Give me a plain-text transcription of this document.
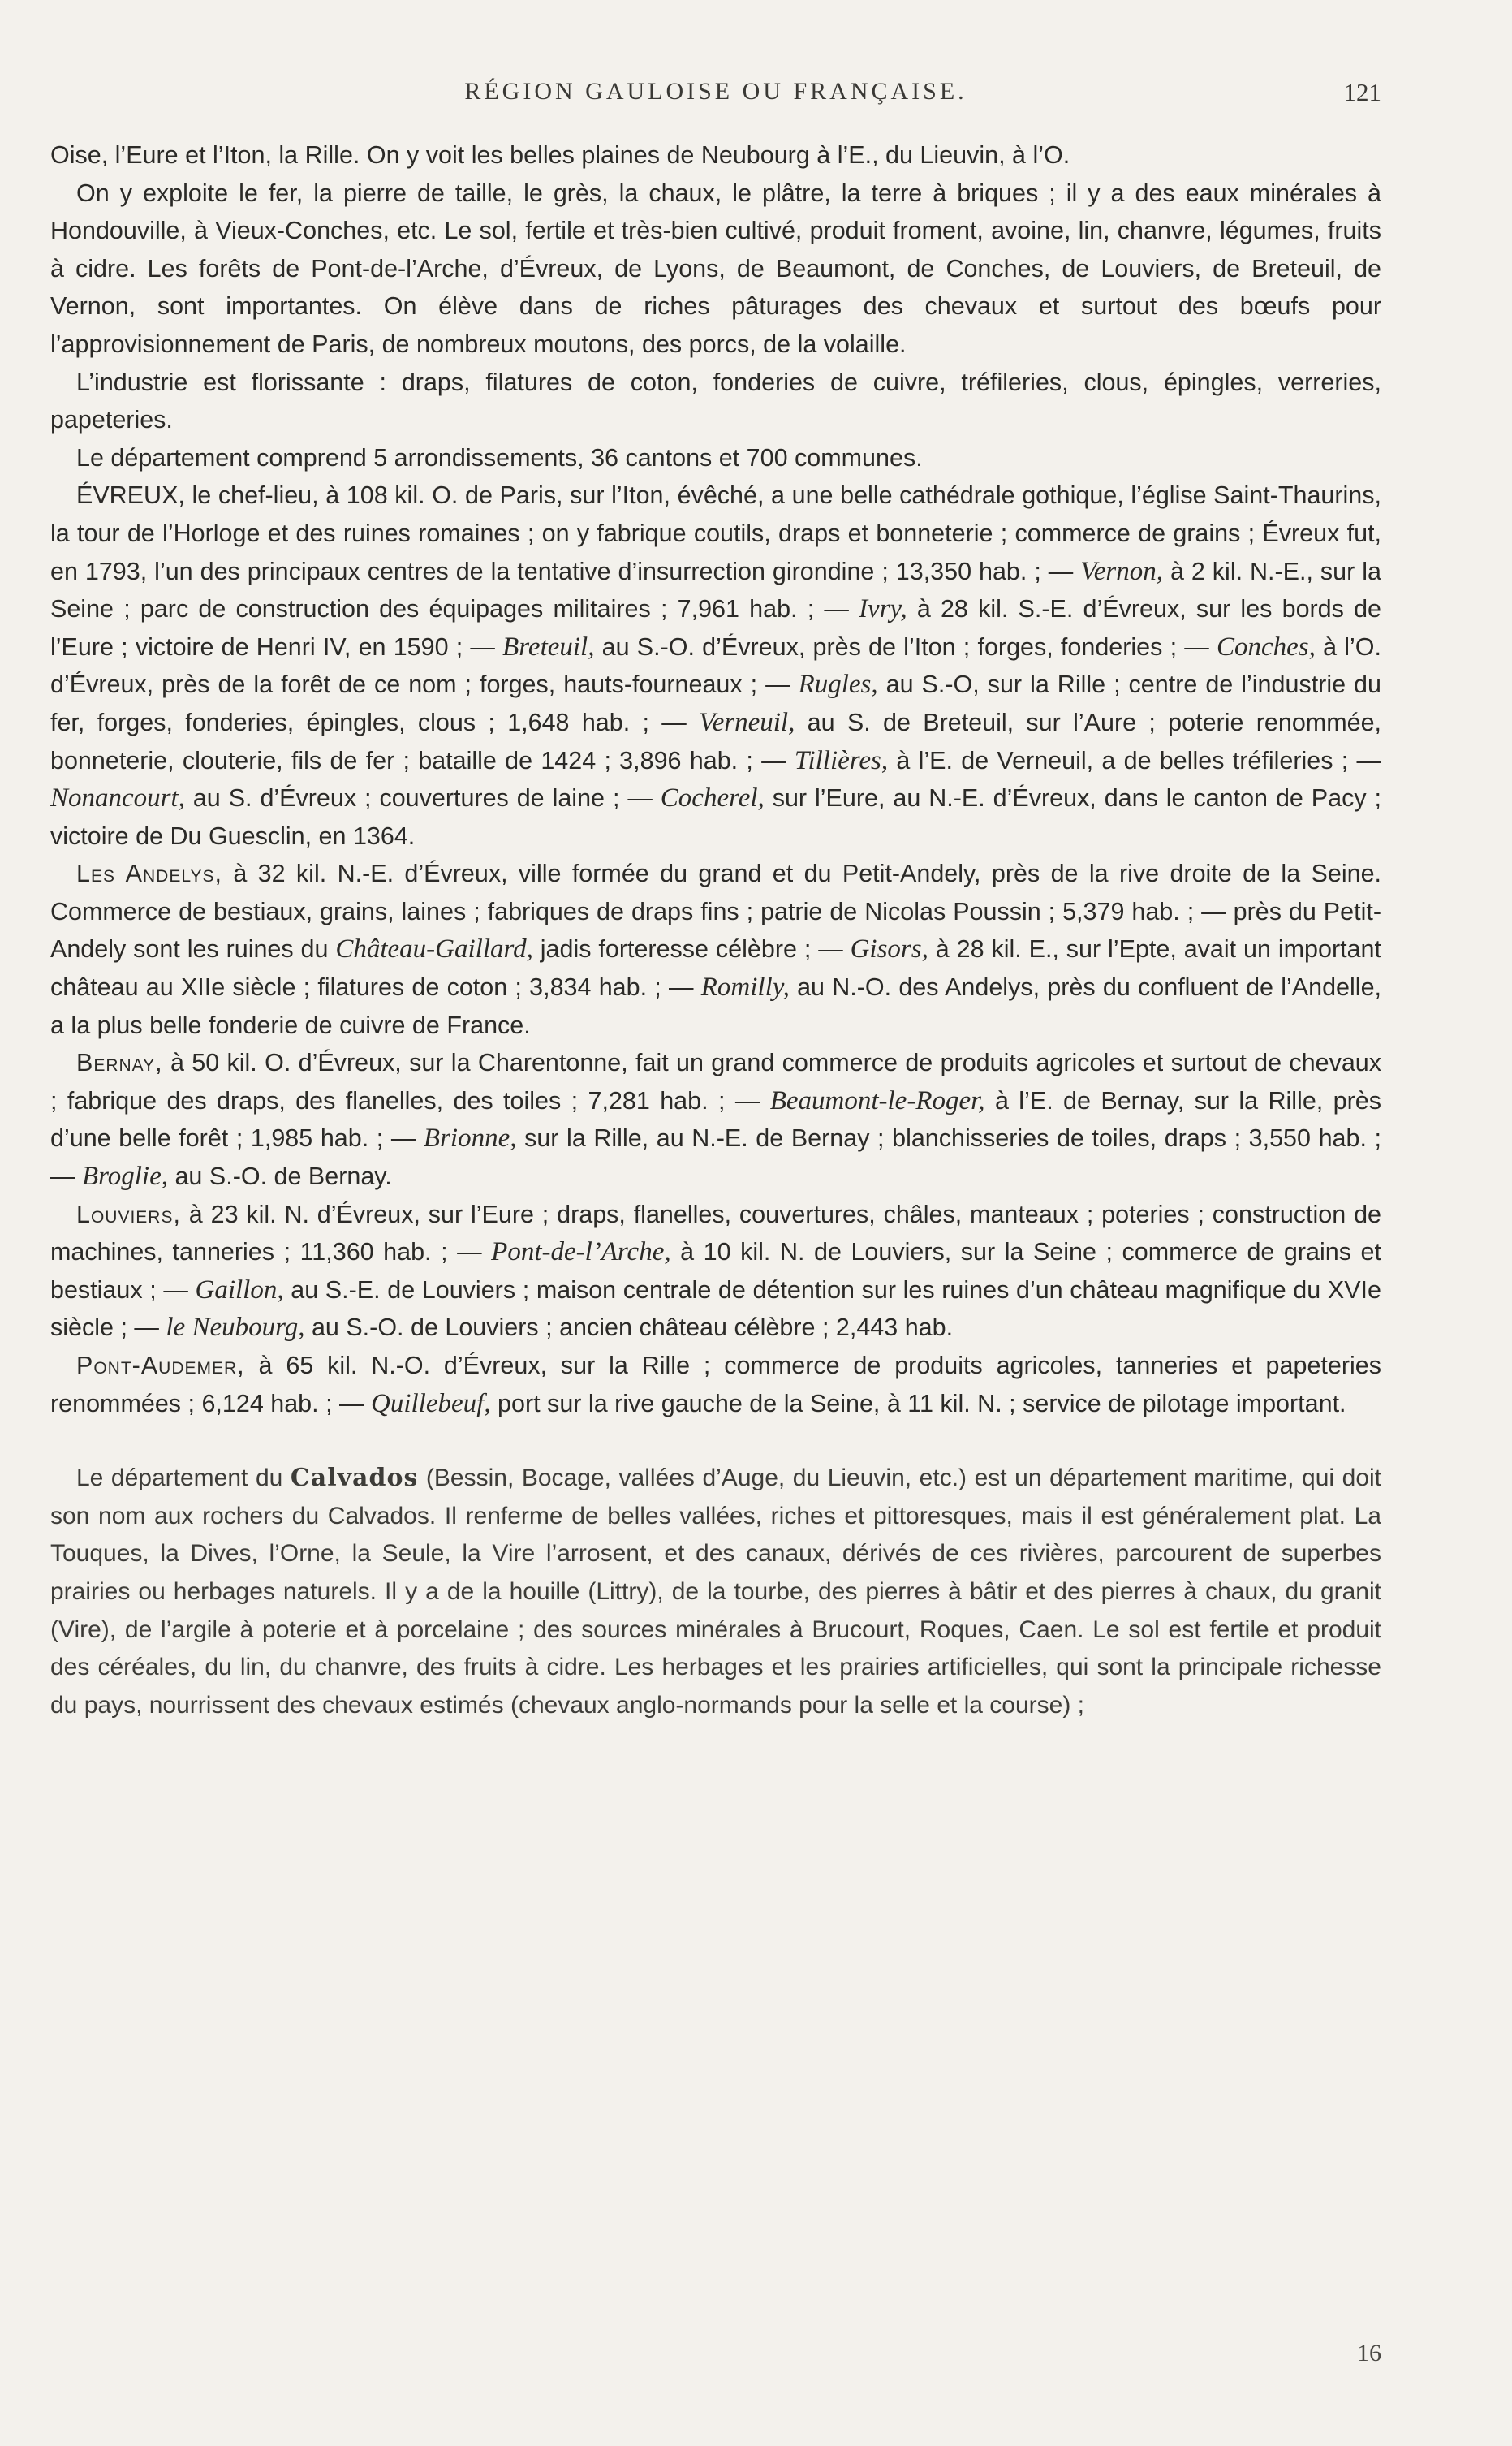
RÉGION GAULOISE OU FRANÇAISE.	121

Oise, l’Eure et l’Iton, la Rille. On y voit les belles plaines de Neubourg à l’E., du Lieuvin, à l’O.

On y exploite le fer, la pierre de taille, le grès, la chaux, le plâtre, la terre à briques ; il y a des eaux minérales à Hondouville, à Vieux-Conches, etc. Le sol, fertile et très-bien cultivé, produit froment, avoine, lin, chanvre, légumes, fruits à cidre. Les forêts de Pont-de-l’Arche, d’Évreux, de Lyons, de Beaumont, de Conches, de Louviers, de Breteuil, de Vernon, sont importantes. On élève dans de riches pâturages des chevaux et surtout des bœufs pour l’approvisionnement de Paris, de nombreux moutons, des porcs, de la volaille.

L’industrie est florissante : draps, filatures de coton, fonderies de cuivre, tréfileries, clous, épingles, verreries, papeteries.

Le département comprend 5 arrondissements, 36 cantons et 700 communes.

ÉVREUX, le chef-lieu, à 108 kil. O. de Paris, sur l’Iton, évêché, a une belle cathédrale gothique, l’église Saint-Thaurins, la tour de l’Horloge et des ruines romaines ; on y fabrique coutils, draps et bonneterie ; commerce de grains ; Évreux fut, en 1793, l’un des principaux centres de la tentative d’insurrection girondine ; 13,350 hab. ; — Vernon, à 2 kil. N.-E., sur la Seine ; parc de construction des équipages militaires ; 7,961 hab. ; — Ivry, à 28 kil. S.-E. d’Évreux, sur les bords de l’Eure ; victoire de Henri IV, en 1590 ; — Breteuil, au S.-O. d’Évreux, près de l’Iton ; forges, fonderies ; — Conches, à l’O. d’Évreux, près de la forêt de ce nom ; forges, hauts-fourneaux ; — Rugles, au S.-O, sur la Rille ; centre de l’industrie du fer, forges, fonderies, épingles, clous ; 1,648 hab. ; — Verneuil, au S. de Breteuil, sur l’Aure ; poterie renommée, bonneterie, clouterie, fils de fer ; bataille de 1424 ; 3,896 hab. ; — Tillières, à l’E. de Verneuil, a de belles tréfileries ; — Nonancourt, au S. d’Évreux ; couvertures de laine ; — Cocherel, sur l’Eure, au N.-E. d’Évreux, dans le canton de Pacy ; victoire de Du Guesclin, en 1364.

Les Andelys, à 32 kil. N.-E. d’Évreux, ville formée du grand et du Petit-Andely, près de la rive droite de la Seine. Commerce de bestiaux, grains, laines ; fabriques de draps fins ; patrie de Nicolas Poussin ; 5,379 hab. ; — près du Petit-Andely sont les ruines du Château-Gaillard, jadis forteresse célèbre ; — Gisors, à 28 kil. E., sur l’Epte, avait un important château au XIIe siècle ; filatures de coton ; 3,834 hab. ; — Romilly, au N.-O. des Andelys, près du confluent de l’Andelle, a la plus belle fonderie de cuivre de France.

Bernay, à 50 kil. O. d’Évreux, sur la Charentonne, fait un grand commerce de produits agricoles et surtout de chevaux ; fabrique des draps, des flanelles, des toiles ; 7,281 hab. ; — Beaumont-le-Roger, à l’E. de Bernay, sur la Rille, près d’une belle forêt ; 1,985 hab. ; — Brionne, sur la Rille, au N.-E. de Bernay ; blanchisseries de toiles, draps ; 3,550 hab. ; — Broglie, au S.-O. de Bernay.

Louviers, à 23 kil. N. d’Évreux, sur l’Eure ; draps, flanelles, couvertures, châles, manteaux ; poteries ; construction de machines, tanneries ; 11,360 hab. ; — Pont-de-l’Arche, à 10 kil. N. de Louviers, sur la Seine ; commerce de grains et bestiaux ; — Gaillon, au S.-E. de Louviers ; maison centrale de détention sur les ruines d’un château magnifique du XVIe siècle ; — le Neubourg, au S.-O. de Louviers ; ancien château célèbre ; 2,443 hab.

Pont-Audemer, à 65 kil. N.-O. d’Évreux, sur la Rille ; commerce de produits agricoles, tanneries et papeteries renommées ; 6,124 hab. ; — Quillebeuf, port sur la rive gauche de la Seine, à 11 kil. N. ; service de pilotage important.

Le département du Calvados (Bessin, Bocage, vallées d’Auge, du Lieuvin, etc.) est un département maritime, qui doit son nom aux rochers du Calvados. Il renferme de belles vallées, riches et pittoresques, mais il est généralement plat. La Touques, la Dives, l’Orne, la Seule, la Vire l’arrosent, et des canaux, dérivés de ces rivières, parcourent de superbes prairies ou herbages naturels. Il y a de la houille (Littry), de la tourbe, des pierres à bâtir et des pierres à chaux, du granit (Vire), de l’argile à poterie et à porcelaine ; des sources minérales à Brucourt, Roques, Caen. Le sol est fertile et produit des céréales, du lin, du chanvre, des fruits à cidre. Les herbages et les prairies artificielles, qui sont la principale richesse du pays, nourrissent des chevaux estimés (chevaux anglo-normands pour la selle et la course) ;

16
